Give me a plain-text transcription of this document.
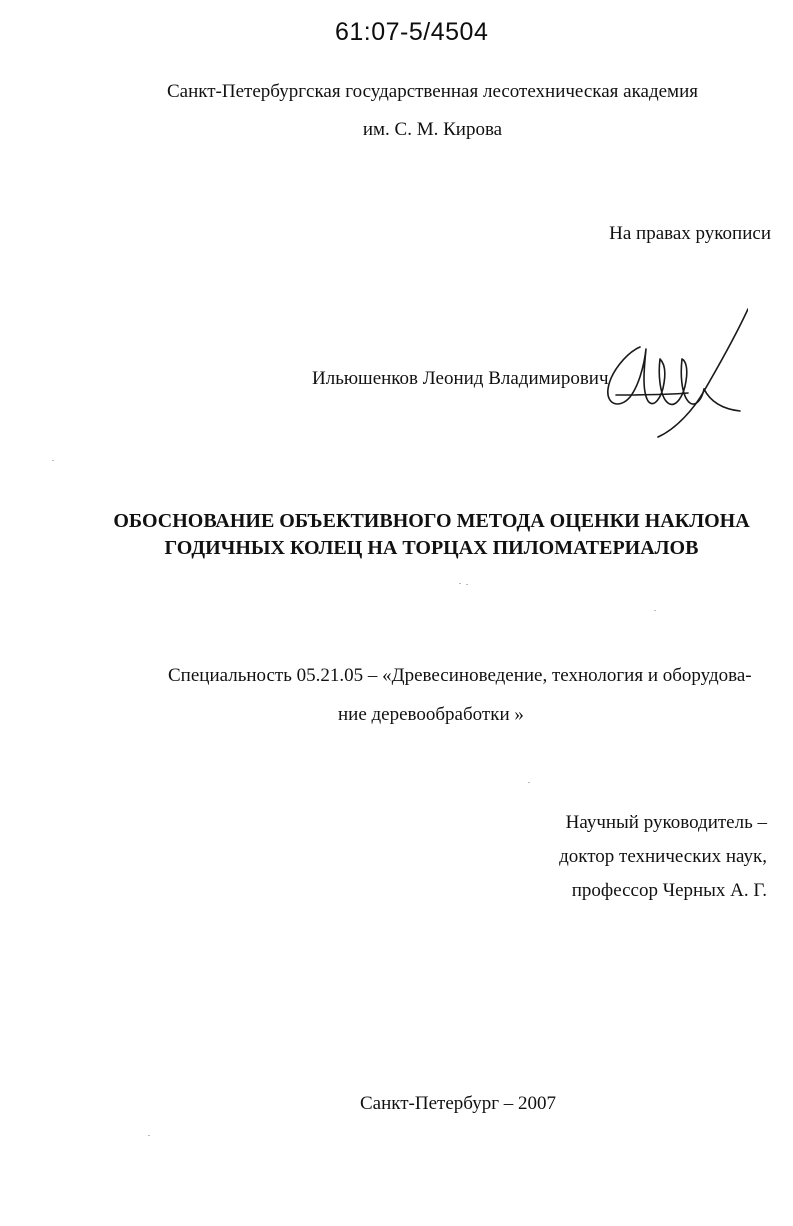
61:07-5/4504
Санкт-Петербургская государственная лесотехническая академия
им. С. М. Кирова
На правах рукописи
Ильюшенков Леонид Владимирович
ОБОСНОВАНИЕ ОБЪЕКТИВНОГО МЕТОДА ОЦЕНКИ НАКЛОНА
ГОДИЧНЫХ КОЛЕЦ НА ТОРЦАХ ПИЛОМАТЕРИАЛОВ
Специальность 05.21.05 – «Древесиноведение, технология и оборудова-
ние деревообработки »
Научный руководитель –
доктор технических наук,
профессор Черных А. Г.
Санкт-Петербург – 2007
